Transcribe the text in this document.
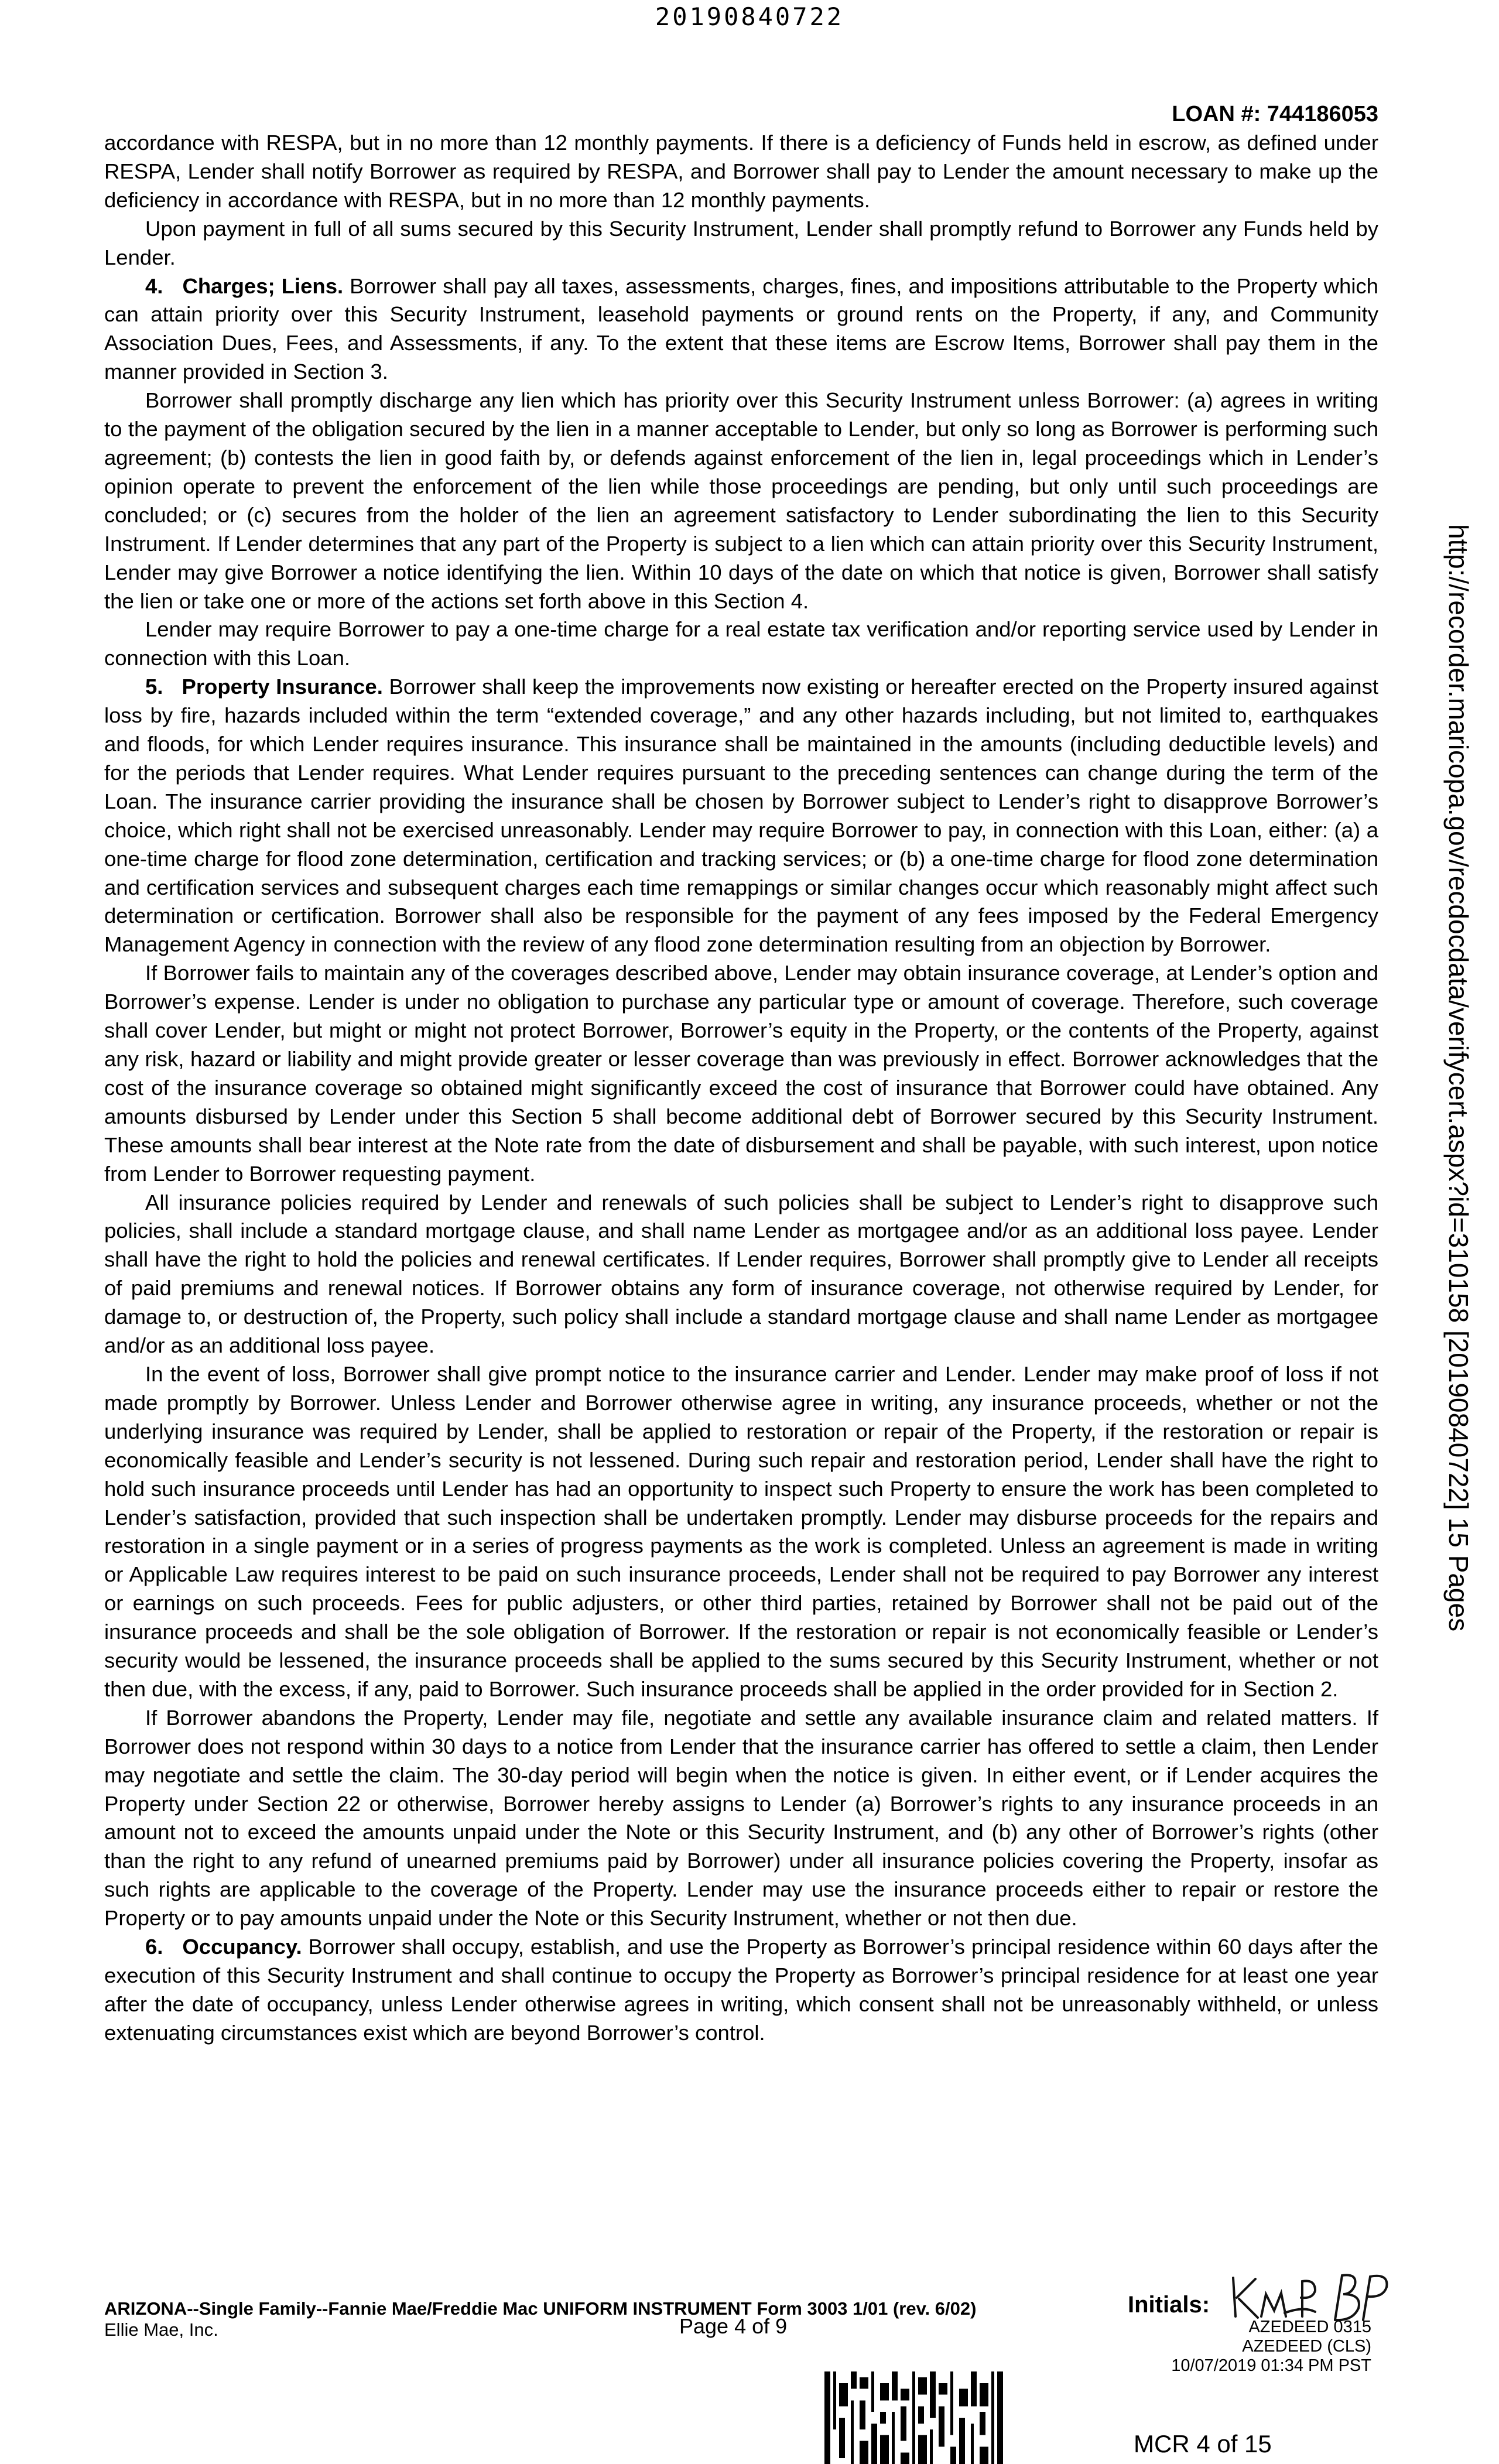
20190840722
LOAN #: 744186053

accordance with RESPA, but in no more than 12 monthly payments. If there is a deficiency of Funds held in escrow, as defined under RESPA, Lender shall notify Borrower as required by RESPA, and Borrower shall pay to Lender the amount necessary to make up the deficiency in accordance with RESPA, but in no more than 12 monthly payments.

Upon payment in full of all sums secured by this Security Instrument, Lender shall promptly refund to Borrower any Funds held by Lender.

4. Charges; Liens. Borrower shall pay all taxes, assessments, charges, fines, and impositions attributable to the Property which can attain priority over this Security Instrument, leasehold payments or ground rents on the Property, if any, and Community Association Dues, Fees, and Assessments, if any. To the extent that these items are Escrow Items, Borrower shall pay them in the manner provided in Section 3.

Borrower shall promptly discharge any lien which has priority over this Security Instrument unless Borrower: (a) agrees in writing to the payment of the obligation secured by the lien in a manner acceptable to Lender, but only so long as Borrower is performing such agreement; (b) contests the lien in good faith by, or defends against enforcement of the lien in, legal proceedings which in Lender’s opinion operate to prevent the enforcement of the lien while those proceedings are pending, but only until such proceedings are concluded; or (c) secures from the holder of the lien an agreement satisfactory to Lender subordinating the lien to this Security Instrument. If Lender determines that any part of the Property is subject to a lien which can attain priority over this Security Instrument, Lender may give Borrower a notice identifying the lien. Within 10 days of the date on which that notice is given, Borrower shall satisfy the lien or take one or more of the actions set forth above in this Section 4.

Lender may require Borrower to pay a one-time charge for a real estate tax verification and/or reporting service used by Lender in connection with this Loan.

5. Property Insurance. Borrower shall keep the improvements now existing or hereafter erected on the Property insured against loss by fire, hazards included within the term “extended coverage,” and any other hazards including, but not limited to, earthquakes and floods, for which Lender requires insurance. This insurance shall be maintained in the amounts (including deductible levels) and for the periods that Lender requires. What Lender requires pursuant to the preceding sentences can change during the term of the Loan. The insurance carrier providing the insurance shall be chosen by Borrower subject to Lender’s right to disapprove Borrower’s choice, which right shall not be exercised unreasonably. Lender may require Borrower to pay, in connection with this Loan, either: (a) a one-time charge for flood zone determination, certification and tracking services; or (b) a one-time charge for flood zone determination and certification services and subsequent charges each time remappings or similar changes occur which reasonably might affect such determination or certification. Borrower shall also be responsible for the payment of any fees imposed by the Federal Emergency Management Agency in connection with the review of any flood zone determination resulting from an objection by Borrower.

If Borrower fails to maintain any of the coverages described above, Lender may obtain insurance coverage, at Lender’s option and Borrower’s expense. Lender is under no obligation to purchase any particular type or amount of coverage. Therefore, such coverage shall cover Lender, but might or might not protect Borrower, Borrower’s equity in the Property, or the contents of the Property, against any risk, hazard or liability and might provide greater or lesser coverage than was previously in effect. Borrower acknowledges that the cost of the insurance coverage so obtained might significantly exceed the cost of insurance that Borrower could have obtained. Any amounts disbursed by Lender under this Section 5 shall become additional debt of Borrower secured by this Security Instrument. These amounts shall bear interest at the Note rate from the date of disbursement and shall be payable, with such interest, upon notice from Lender to Borrower requesting payment.

All insurance policies required by Lender and renewals of such policies shall be subject to Lender’s right to disapprove such policies, shall include a standard mortgage clause, and shall name Lender as mortgagee and/or as an additional loss payee. Lender shall have the right to hold the policies and renewal certificates. If Lender requires, Borrower shall promptly give to Lender all receipts of paid premiums and renewal notices. If Borrower obtains any form of insurance coverage, not otherwise required by Lender, for damage to, or destruction of, the Property, such policy shall include a standard mortgage clause and shall name Lender as mortgagee and/or as an additional loss payee.

In the event of loss, Borrower shall give prompt notice to the insurance carrier and Lender. Lender may make proof of loss if not made promptly by Borrower. Unless Lender and Borrower otherwise agree in writing, any insurance proceeds, whether or not the underlying insurance was required by Lender, shall be applied to restoration or repair of the Property, if the restoration or repair is economically feasible and Lender’s security is not lessened. During such repair and restoration period, Lender shall have the right to hold such insurance proceeds until Lender has had an opportunity to inspect such Property to ensure the work has been completed to Lender’s satisfaction, provided that such inspection shall be undertaken promptly. Lender may disburse proceeds for the repairs and restoration in a single payment or in a series of progress payments as the work is completed. Unless an agreement is made in writing or Applicable Law requires interest to be paid on such insurance proceeds, Lender shall not be required to pay Borrower any interest or earnings on such proceeds. Fees for public adjusters, or other third parties, retained by Borrower shall not be paid out of the insurance proceeds and shall be the sole obligation of Borrower. If the restoration or repair is not economically feasible or Lender’s security would be lessened, the insurance proceeds shall be applied to the sums secured by this Security Instrument, whether or not then due, with the excess, if any, paid to Borrower. Such insurance proceeds shall be applied in the order provided for in Section 2.

If Borrower abandons the Property, Lender may file, negotiate and settle any available insurance claim and related matters. If Borrower does not respond within 30 days to a notice from Lender that the insurance carrier has offered to settle a claim, then Lender may negotiate and settle the claim. The 30-day period will begin when the notice is given. In either event, or if Lender acquires the Property under Section 22 or otherwise, Borrower hereby assigns to Lender (a) Borrower’s rights to any insurance proceeds in an amount not to exceed the amounts unpaid under the Note or this Security Instrument, and (b) any other of Borrower’s rights (other than the right to any refund of unearned premiums paid by Borrower) under all insurance policies covering the Property, insofar as such rights are applicable to the coverage of the Property. Lender may use the insurance proceeds either to repair or restore the Property or to pay amounts unpaid under the Note or this Security Instrument, whether or not then due.

6. Occupancy. Borrower shall occupy, establish, and use the Property as Borrower’s principal residence within 60 days after the execution of this Security Instrument and shall continue to occupy the Property as Borrower’s principal residence for at least one year after the date of occupancy, unless Lender otherwise agrees in writing, which consent shall not be unreasonably withheld, or unless extenuating circumstances exist which are beyond Borrower’s control.

http://recorder.maricopa.gov/recdocdata/verifycert.aspx?id=310158 [20190840722] 15 Pages
ARIZONA--Single Family--Fannie Mae/Freddie Mac UNIFORM INSTRUMENT Form 3003 1/01 (rev. 6/02)
Ellie Mae, Inc.	Page 4 of 9
Initials:
AZEDEED 0315
AZEDEED (CLS)
10/07/2019 01:34 PM PST
MCR 4 of 15
